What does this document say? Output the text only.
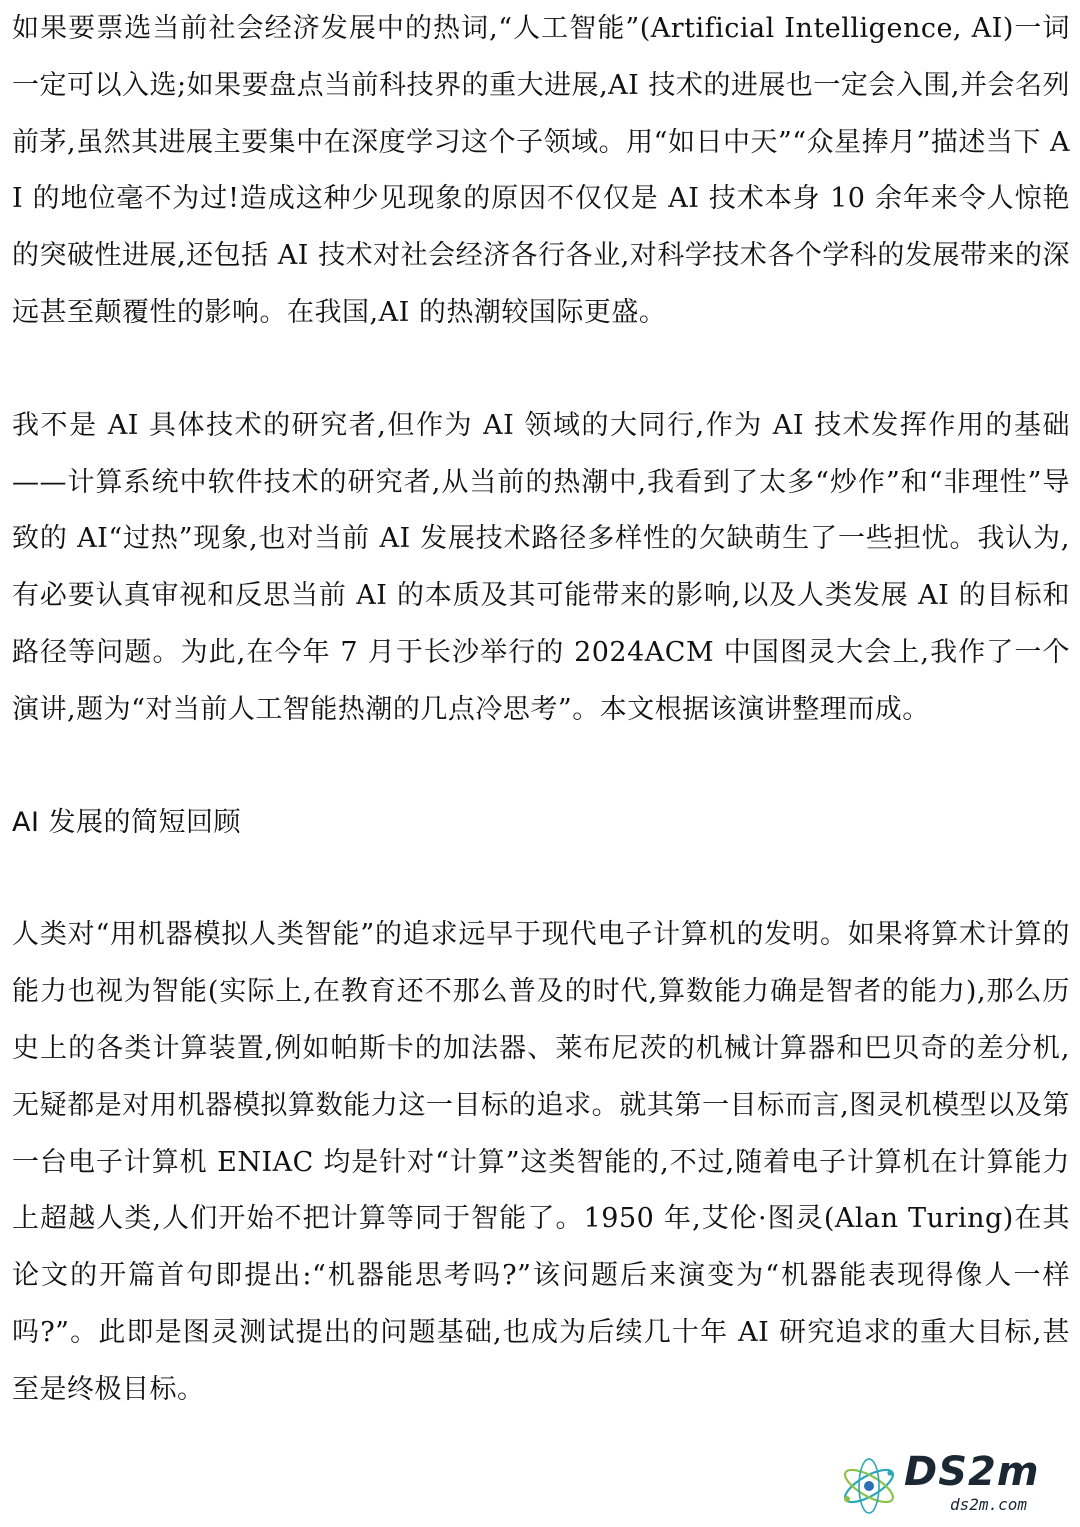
如果要票选当前社会经济发展中的热词,“人工智能”(Artificial Intelligence, AI)一词一定可以入选;如果要盘点当前科技界的重大进展,AI 技术的进展也一定会入围,并会名列前茅,虽然其进展主要集中在深度学习这个子领域。用“如日中天”“众星捧月”描述当下 AI 的地位毫不为过!造成这种少见现象的原因不仅仅是 AI 技术本身 10 余年来令人惊艳的突破性进展,还包括 AI 技术对社会经济各行各业,对科学技术各个学科的发展带来的深远甚至颠覆性的影响。在我国,AI 的热潮较国际更盛。

我不是 AI 具体技术的研究者,但作为 AI 领域的大同行,作为 AI 技术发挥作用的基础——计算系统中软件技术的研究者,从当前的热潮中,我看到了太多“炒作”和“非理性”导致的 AI“过热”现象,也对当前 AI 发展技术路径多样性的欠缺萌生了一些担忧。我认为,有必要认真审视和反思当前 AI 的本质及其可能带来的影响,以及人类发展 AI 的目标和路径等问题。为此,在今年 7 月于长沙举行的 2024ACM 中国图灵大会上,我作了一个演讲,题为“对当前人工智能热潮的几点冷思考”。本文根据该演讲整理而成。

AI 发展的简短回顾

人类对“用机器模拟人类智能”的追求远早于现代电子计算机的发明。如果将算术计算的能力也视为智能(实际上,在教育还不那么普及的时代,算数能力确是智者的能力),那么历史上的各类计算装置,例如帕斯卡的加法器、莱布尼茨的机械计算器和巴贝奇的差分机,无疑都是对用机器模拟算数能力这一目标的追求。就其第一目标而言,图灵机模型以及第一台电子计算机 ENIAC 均是针对“计算”这类智能的,不过,随着电子计算机在计算能力上超越人类,人们开始不把计算等同于智能了。1950 年,艾伦·图灵(Alan Turing)在其论文的开篇首句即提出:“机器能思考吗?”该问题后来演变为“机器能表现得像人一样吗?”。此即是图灵测试提出的问题基础,也成为后续几十年 AI 研究追求的重大目标,甚至是终极目标。

DS2m
ds2m.com
